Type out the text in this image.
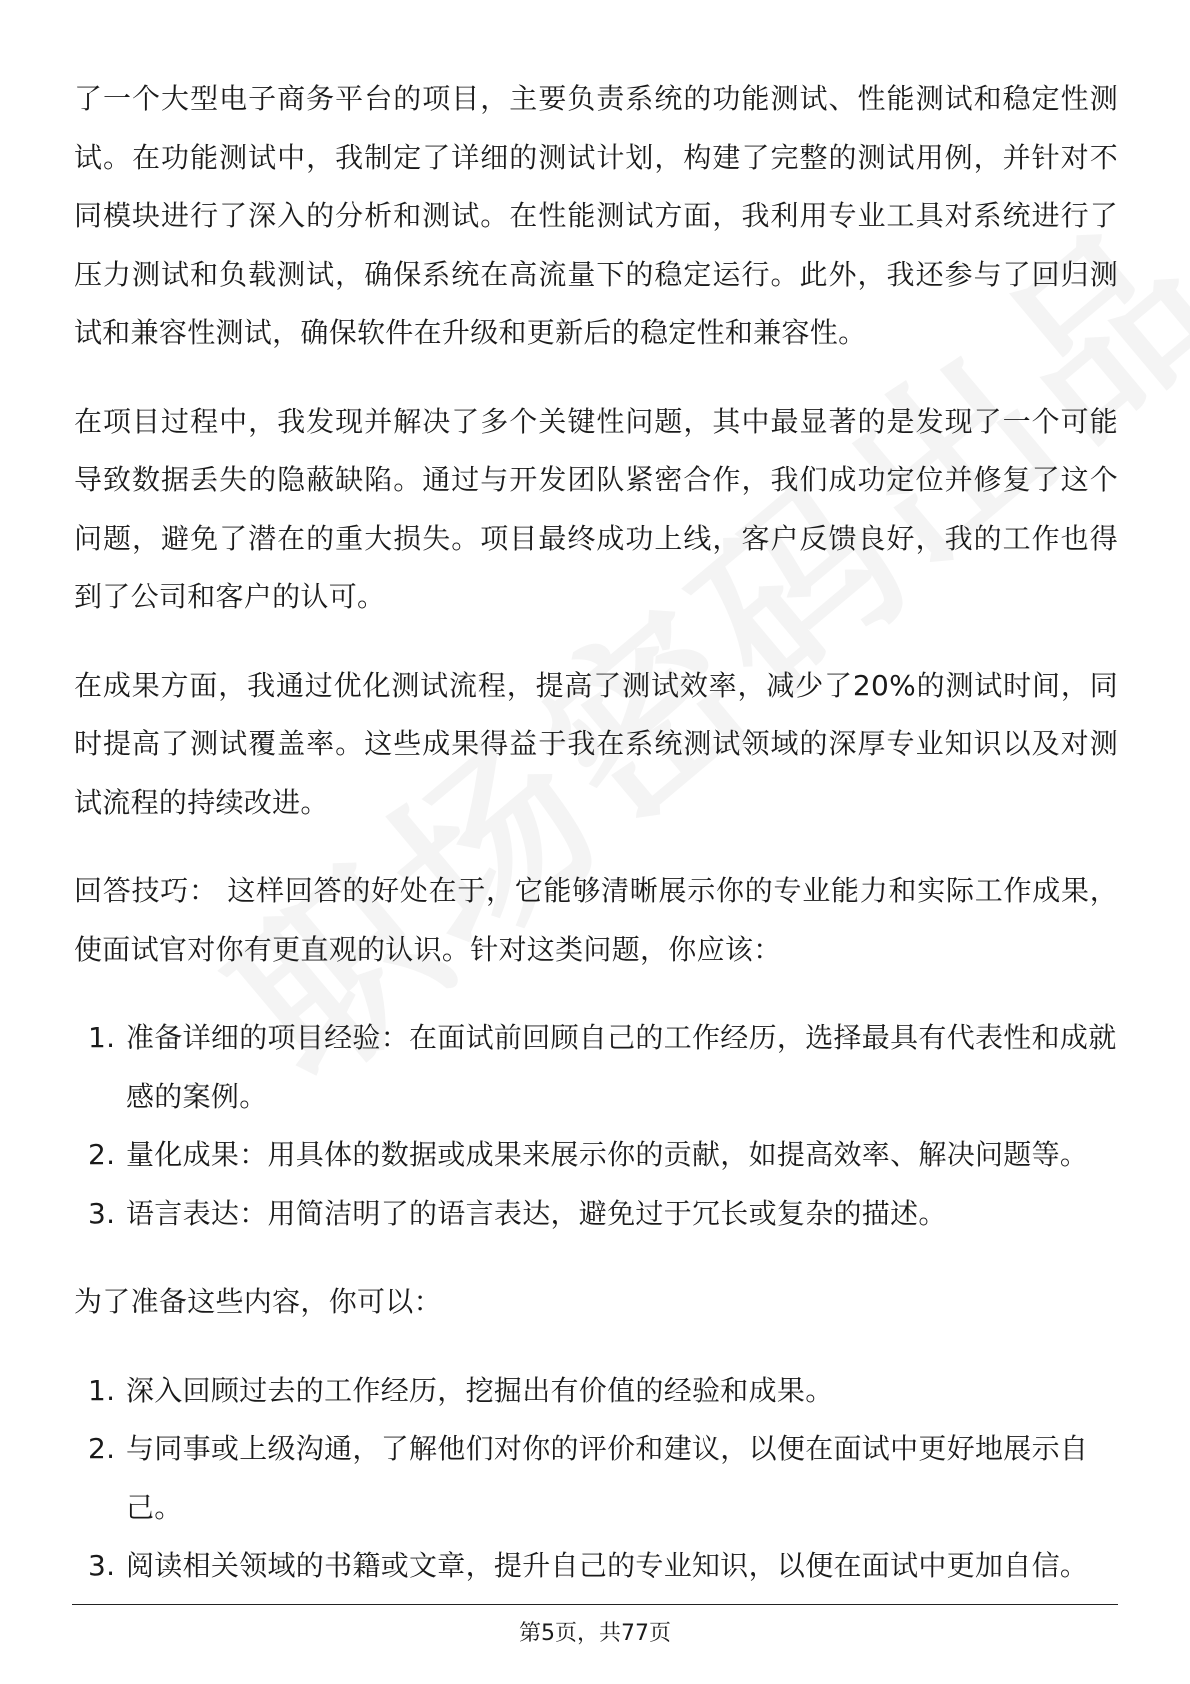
了一个大型电子商务平台的项目，主要负责系统的功能测试、性能测试和稳定性测试。在功能测试中，我制定了详细的测试计划，构建了完整的测试用例，并针对不同模块进行了深入的分析和测试。在性能测试方面，我利用专业工具对系统进行了压力测试和负载测试，确保系统在高流量下的稳定运行。此外，我还参与了回归测试和兼容性测试，确保软件在升级和更新后的稳定性和兼容性。

在项目过程中，我发现并解决了多个关键性问题，其中最显著的是发现了一个可能导致数据丢失的隐蔽缺陷。通过与开发团队紧密合作，我们成功定位并修复了这个问题，避免了潜在的重大损失。项目最终成功上线，客户反馈良好，我的工作也得到了公司和客户的认可。

在成果方面，我通过优化测试流程，提高了测试效率，减少了20%的测试时间，同时提高了测试覆盖率。这些成果得益于我在系统测试领域的深厚专业知识以及对测试流程的持续改进。

回答技巧： 这样回答的好处在于，它能够清晰展示你的专业能力和实际工作成果，使面试官对你有更直观的认识。针对这类问题，你应该：

1. 准备详细的项目经验：在面试前回顾自己的工作经历，选择最具有代表性和成就感的案例。
2. 量化成果：用具体的数据或成果来展示你的贡献，如提高效率、解决问题等。
3. 语言表达：用简洁明了的语言表达，避免过于冗长或复杂的描述。

为了准备这些内容，你可以：

1. 深入回顾过去的工作经历，挖掘出有价值的经验和成果。
2. 与同事或上级沟通，了解他们对你的评价和建议，以便在面试中更好地展示自己。
3. 阅读相关领域的书籍或文章，提升自己的专业知识，以便在面试中更加自信。
第5页，共77页
